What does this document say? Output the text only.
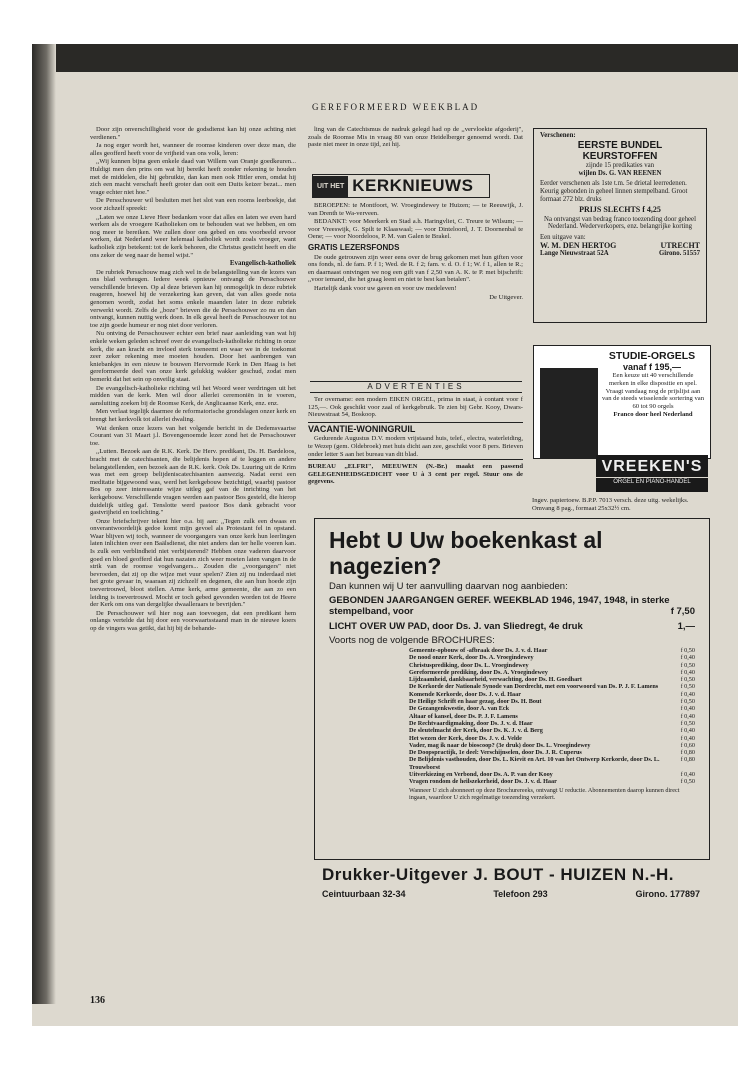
GEREFORMEERD WEEKBLAD

Door zijn onverschilligheid voor de godsdienst kan hij onze achting niet verdienen."

Ja nog erger wordt het, wanneer de roomse kinderen over deze man, die alles geofferd heeft voor de vrijheid van ons volk, leren:

,,Wij kunnen bijna geen enkele daad van Willem van Oranje goedkeuren... Huldigt men den prins om wat hij bereikt heeft zonder rekening te houden met de middelen, die hij gebruikte, dan kan men ook Hitler eren, omdat hij zich een macht verschaft heeft groter dan ooit een Duits keizer bezat... men vrage echter niet hoe."

De Persschouwer wil besluiten met het slot van een rooms leerboekje, dat voor zichzelf spreekt:

,,Laten we onze Lieve Heer bedanken voor dat alles en laten we even hard werken als de vroegere Katholieken om te behouden wat we hebben, en om nog meer te bereiken. We zullen door ons gebed en ons voorbeeld ervoor werken, dat Nederland weer helemaal katholiek wordt zoals vroeger, want katholiek zijn betekent: tot de kerk behoren, die Christus gesticht heeft en die ons zeker de weg naar de hemel wijst."

Evangelisch-katholiek

De rubriek Persschouw mag zich wel in de belangstelling van de lezers van ons blad verheugen. Iedere week opnieuw ontvangt de Persschouwer verschillende brieven. Op al deze brieven kan hij onmogelijk in deze rubriek reageren, hoewel hij de verzekering kan geven, dat van alles goede nota genomen wordt, zodat het soms enkele maanden later in deze rubriek verwerkt wordt. Zelfs de ,,boze" brieven die de Persschouwer zo nu en dan ontvangt, kunnen nuttig werk doen. In elk geval heeft de Persschouwer tot nu toe zijn goede humeur er nog niet door verloren.

Nu ontving de Persschouwer echter een brief naar aanleiding van wat hij enkele weken geleden schreef over de evangelisch-katholieke richting in onze kerk, die aan kracht en invloed sterk toeneemt en waar we in de toekomst zeer zeker rekening mee moeten houden. Door het aanbrengen van kniebankjes in een nieuw te bouwen Hervormde Kerk in Den Haag is het gereformeerde deel van onze kerk gelukkig wakker geschud, zodat men bemerkt dat het sein op onveilig staat.

De evangelisch-katholieke richting wil het Woord weer verdringen uit het midden van de kerk. Men wil door allerlei ceremoniën in te voeren, aansluiting zoeken bij de Roomse Kerk, de Anglicaanse Kerk, enz. enz.

Men verlaat tegelijk daarmee de reformatorische grondslagen onzer kerk en brengt het kerkvolk tot allerlei dwaling.

Wat denken onze lezers van het volgende bericht in de Dedemsvaartse Courant van 31 Maart j.l. Bovengenoemde lezer zond het de Persschouwer toe.

,,Lutten. Bezoek aan de R.K. Kerk. De Herv. predikant, Ds. H. Bardeloos, bracht met de catechisanten, die belijdenis hopen af te leggen en andere belangstellenden, een bezoek aan de R.K. kerk. Ook Ds. Luuring uit de Krim was met een groep belijdeniscatechisanten aanwezig. Nadat eerst een meditatie bijgewoond was, werd het kerkgebouw bezichtigd, waarbij pastoor Bos op zeer interessante wijze uitleg gaf van de inrichting van het kerkgebouw. Verschillende vragen werden aan pastoor Bos gesteld, die hierop duidelijk uitleg gaf. Tenslotte werd pastoor Bos dank gebracht voor gastvrijheid en toelichting."

Onze briefschrijver tekent hier o.a. bij aan: ,,Tegen zulk een dwaas en onverantwoordelijk gedoe komt mijn gevoel als Protestant fel in opstand. Waar blijven wij toch, wanneer de voorgangers van onze kerk hun leerlingen laten inlichten over een Baälsdienst, die niet anders dan ter helle voeren kan. Is zulk een verblindheid niet verbijsterend? Hebben onze vaderen daarvoor goed en bloed geofferd dat hun nazaten zich weer moeten laten vangen in de strik van de roomse vogelvangers... Zouden die ,,voorgangers" niet bevroeden, dat zij op die wijze met vuur spelen? Zien zij nu inderdaad niet het grote gevaar in, waaraan zij zichzelf en degenen, die aan hun hoede zijn toevertrouwd, bloot stellen. Arme kerk, arme gemeente, die aan zo een leiding is toevertrouwd. Mocht er toch gebed gevonden worden tot de Heere der Kerk om ons van dergelijke dwaalleraars te bevrijden."

De Persschouwer wil hier nog aan toevoegen, dat een predikant hem onlangs vertelde dat hij door een voorwaartsstaand man in de nieuwe koers op de vingers was getikt, dat hij bij de behande-

ling van de Catechismus de nadruk gelegd had op de ,,vervloekte afgoderij", zoals de Roomse Mis in vraag 80 van onze Heidelberger genoemd wordt. Dat paste niet meer in onze tijd, zei hij.

UIT HET KERKNIEUWS

BEROEPEN: te Montfoort, W. Vroegindewey te Huizen; — te Reeuwijk, J. van Drenth te Wa-verveen.

BEDANKT: voor Meerkerk en Stad a.h. Haringvliet, C. Treure te Wilsum; — voor Vreeswijk, G. Spilt te Klaaswaal; — voor Dinteloord, J. T. Doornenbal te Oene; — voor Noordeloos, P. M. van Galen te Brakel.

GRATIS LEZERSFONDS

De oude getrouwen zijn weer eens over de brug gekomen met hun giften voor ons fonds, nl. de fam. P. f 1; Wed. de R. f 2; fam. v. d. O. f 1; W. f 1, allen te R.; en daarnaast ontvingen we nog een gift van f 2,50 van A. K. te P. met bijschrift: ,,voor iemand, die het graag leent en niet te best kan betalen".

Hartelijk dank voor uw gaven en voor uw medeleven!

De Uitgever.

ADVERTENTIES

Ter overname: een modern EIKEN ORGEL, prima in staat, à contant voor f 125,—. Ook geschikt voor zaal of kerkgebruik. Te zien bij Gebr. Kooy, Dwars-Nieuwstraat 54, Boskoop.

VACANTIE-WONINGRUIL

Gedurende Augustus D.V. modern vrijstaand huis, telef., electra, waterleiding, te Wezep (gem. Oldebroek) met huis dicht aan zee, geschikt voor 8 pers. Brieven onder letter S aan het bureau van dit blad.

BUREAU ,,ELFRI", MEEUWEN (N.-Br.) maakt een passend GELEGENHEIDSGEDICHT voor U à 3 cent per regel. Stuur ons de gegevens.

Verschenen:
EERSTE BUNDEL
KEURSTOFFEN
zijnde 15 predikaties van
wijlen Ds. G. VAN REENEN
Eerder verschenen als 1ste t.m. 5e drietal leerredenen. Keurig gebonden in geheel linnen stempelband. Groot formaat 272 blz. druks
PRIJS SLECHTS f 4,25
Na ontvangst van bedrag franco toezending door geheel Nederland. Wederverkopers, enz. belangrijke korting
Een uitgave van:
W. M. DEN HERTOG	UTRECHT
Lange Nieuwstraat 52A	Girono. 51557
STUDIE-ORGELS
vanaf f 195,—
Een keuze uit 40 verschillende merken in elke dispositie en spel. Vraagt vandaag nog de prijslijst aan van de steeds wisselende sortering van 60 tot 90 orgels
Franco door heel Nederland
VREEKEN'S
ORGEL EN PIANO-HANDEL
Ingev. papiertoew. B.P.P. 7013 versch. deze uitg. wekelijks. Omvang 8 pag., formaat 25x32½ cm.
Hebt U Uw boekenkast al nagezien?
Dan kunnen wij U ter aanvulling daarvan nog aanbieden:
GEBONDEN JAARGANGEN GEREF. WEEKBLAD 1946, 1947, 1948, in sterke stempelband, voor	f 7,50
LICHT OVER UW PAD, door Ds. J. van Sliedregt, 4e druk	1,—
Voorts nog de volgende BROCHURES:
Gemeente-opbouw of -afbraak door Ds. J. v. d. Haar	f 0,50
De nood onzer Kerk, door Ds. A. Vroegindewey	f 0,40
Christusprediking, door Ds. L. Vroegindewey	f 0,50
Gereformeerde prediking, door Ds. A. Vroegindewey	f 0,40
Lijdzaamheid, dankbaarheid, verwachting, door Ds. H. Goedhart	f 0,50
De Kerkorde der Nationale Synode van Dordrecht, met een voorwoord van Ds. P. J. F. Lamens	f 0,50
Komende Kerkorde, door Ds. J. v. d. Haar	f 0,40
De Heilige Schrift en haar gezag, door Ds. H. Bout	f 0,50
De Gezangenkwestie, door A. van Eck	f 0,40
Altaar of kansel, door Ds. P. J. F. Lamens	f 0,40
De Rechtvaardigmaking, door Ds. J. v. d. Haar	f 0,50
De sleutelmacht der Kerk, door Ds. K. J. v. d. Berg	f 0,40
Het wezen der Kerk, door Ds. J. v. d. Velde	f 0,40
Vader, mag ik naar de bioscoop? (3e druk) door Ds. L. Vroegindewey	f 0,60
De Doopspractijk, 1e deel: Verschijnselen, door Ds. J. R. Cuperus	f 0,80
De Belijdenis vasthouden, door Ds. L. Kievit en Art. 10 van het Ontwerp Kerkorde, door Ds. L. Trouwborst
f 0,80
Uitverkiezing en Verbond, door Ds. A. P. van der Kooy	f 0,40
Vragen rondom de heilszekerheid, door Ds. J. v. d. Haar	f 0,50
Wanneer U zich abonneert op deze Brochurereeks, ontvangt U reductie. Abonnementen daarop kunnen direct ingaan, waardoor U zich regelmatige toezending verzekert.
Drukker-Uitgever J. BOUT - HUIZEN N.-H.
Ceintuurbaan 32-34	Telefoon 293	Girono. 177897
136
